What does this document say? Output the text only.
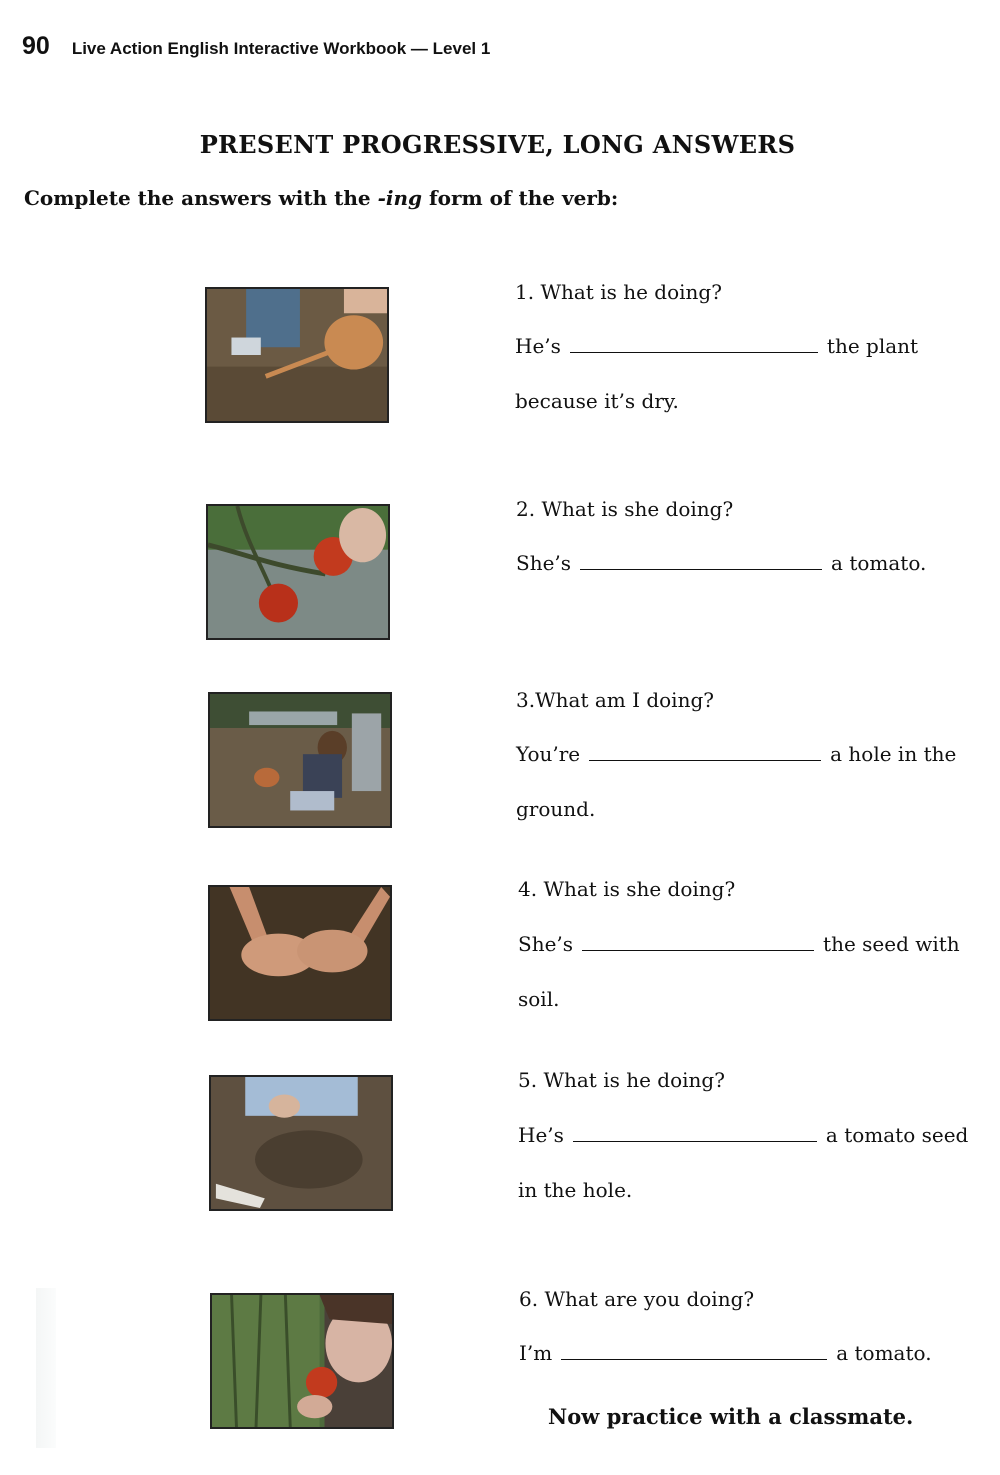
90 Live Action English Interactive Workbook — Level 1
PRESENT PROGRESSIVE, LONG ANSWERS
Complete the answers with the -ing form of the verb:
1. What is he doing?
He’s	the plant
because it’s dry.
2. What is she doing?
She’s	a tomato.
3.What am I doing?
You’re	a hole in the
ground.
4. What is she doing?
She’s	the seed with
soil.
5. What is he doing?
He’s	a tomato seed
in the hole.
6. What are you doing?
I’m	a tomato.
Now practice with a classmate.
